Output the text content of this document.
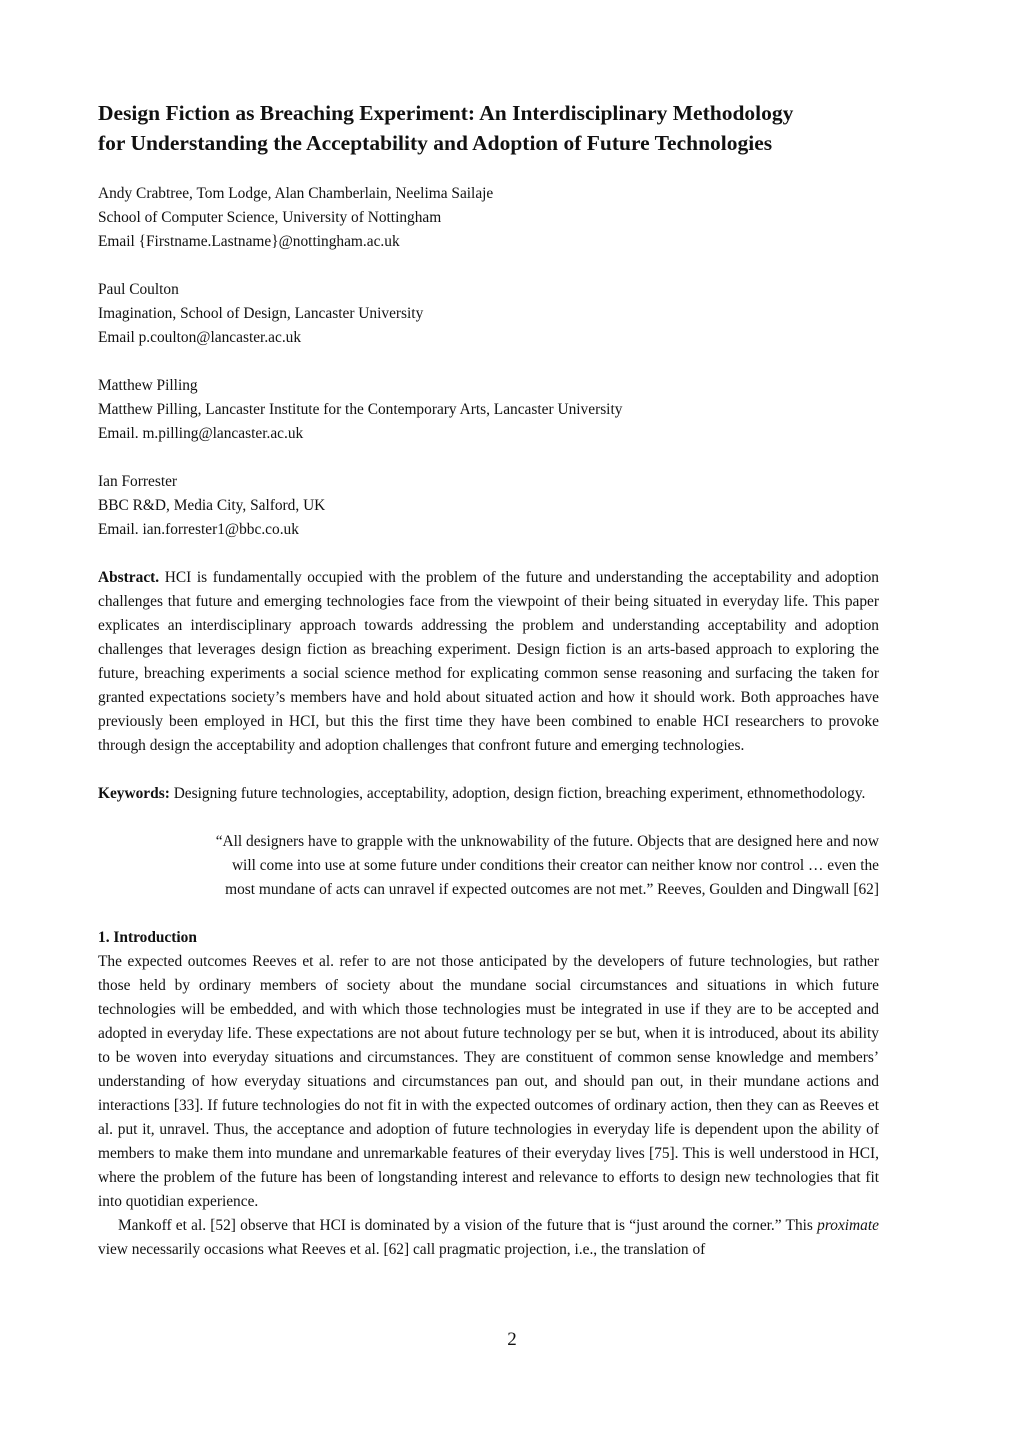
Design Fiction as Breaching Experiment: An Interdisciplinary Methodology
for Understanding the Acceptability and Adoption of Future Technologies
Andy Crabtree, Tom Lodge, Alan Chamberlain, Neelima Sailaje
School of Computer Science, University of Nottingham
Email {Firstname.Lastname}@nottingham.ac.uk
Paul Coulton
Imagination, School of Design, Lancaster University
Email p.coulton@lancaster.ac.uk
Matthew Pilling
Matthew Pilling, Lancaster Institute for the Contemporary Arts, Lancaster University
Email. m.pilling@lancaster.ac.uk
Ian Forrester
BBC R&D, Media City, Salford, UK
Email. ian.forrester1@bbc.co.uk

Abstract. HCI is fundamentally occupied with the problem of the future and understanding the acceptability and adoption challenges that future and emerging technologies face from the viewpoint of their being situated in everyday life. This paper explicates an interdisciplinary approach towards addressing the problem and understanding acceptability and adoption challenges that leverages design fiction as breaching experiment. Design fiction is an arts-based approach to exploring the future, breaching experiments a social science method for explicating common sense reasoning and surfacing the taken for granted expectations society’s members have and hold about situated action and how it should work. Both approaches have previously been employed in HCI, but this the first time they have been combined to enable HCI researchers to provoke through design the acceptability and adoption challenges that confront future and emerging technologies.

Keywords: Designing future technologies, acceptability, adoption, design fiction, breaching experiment, ethnomethodology.

“All designers have to grapple with the unknowability of the future. Objects that are designed here and now
will come into use at some future under conditions their creator can neither know nor control … even the
most mundane of acts can unravel if expected outcomes are not met.” Reeves, Goulden and Dingwall [62]
1. Introduction

The expected outcomes Reeves et al. refer to are not those anticipated by the developers of future technologies, but rather those held by ordinary members of society about the mundane social circumstances and situations in which future technologies will be embedded, and with which those technologies must be integrated in use if they are to be accepted and adopted in everyday life. These expectations are not about future technology per se but, when it is introduced, about its ability to be woven into everyday situations and circumstances. They are constituent of common sense knowledge and members’ understanding of how everyday situations and circumstances pan out, and should pan out, in their mundane actions and interactions [33]. If future technologies do not fit in with the expected outcomes of ordinary action, then they can as Reeves et al. put it, unravel. Thus, the acceptance and adoption of future technologies in everyday life is dependent upon the ability of members to make them into mundane and unremarkable features of their everyday lives [75]. This is well understood in HCI, where the problem of the future has been of longstanding interest and relevance to efforts to design new technologies that fit into quotidian experience.

Mankoff et al. [52] observe that HCI is dominated by a vision of the future that is “just around the corner.” This proximate view necessarily occasions what Reeves et al. [62] call pragmatic projection, i.e., the translation of

2
